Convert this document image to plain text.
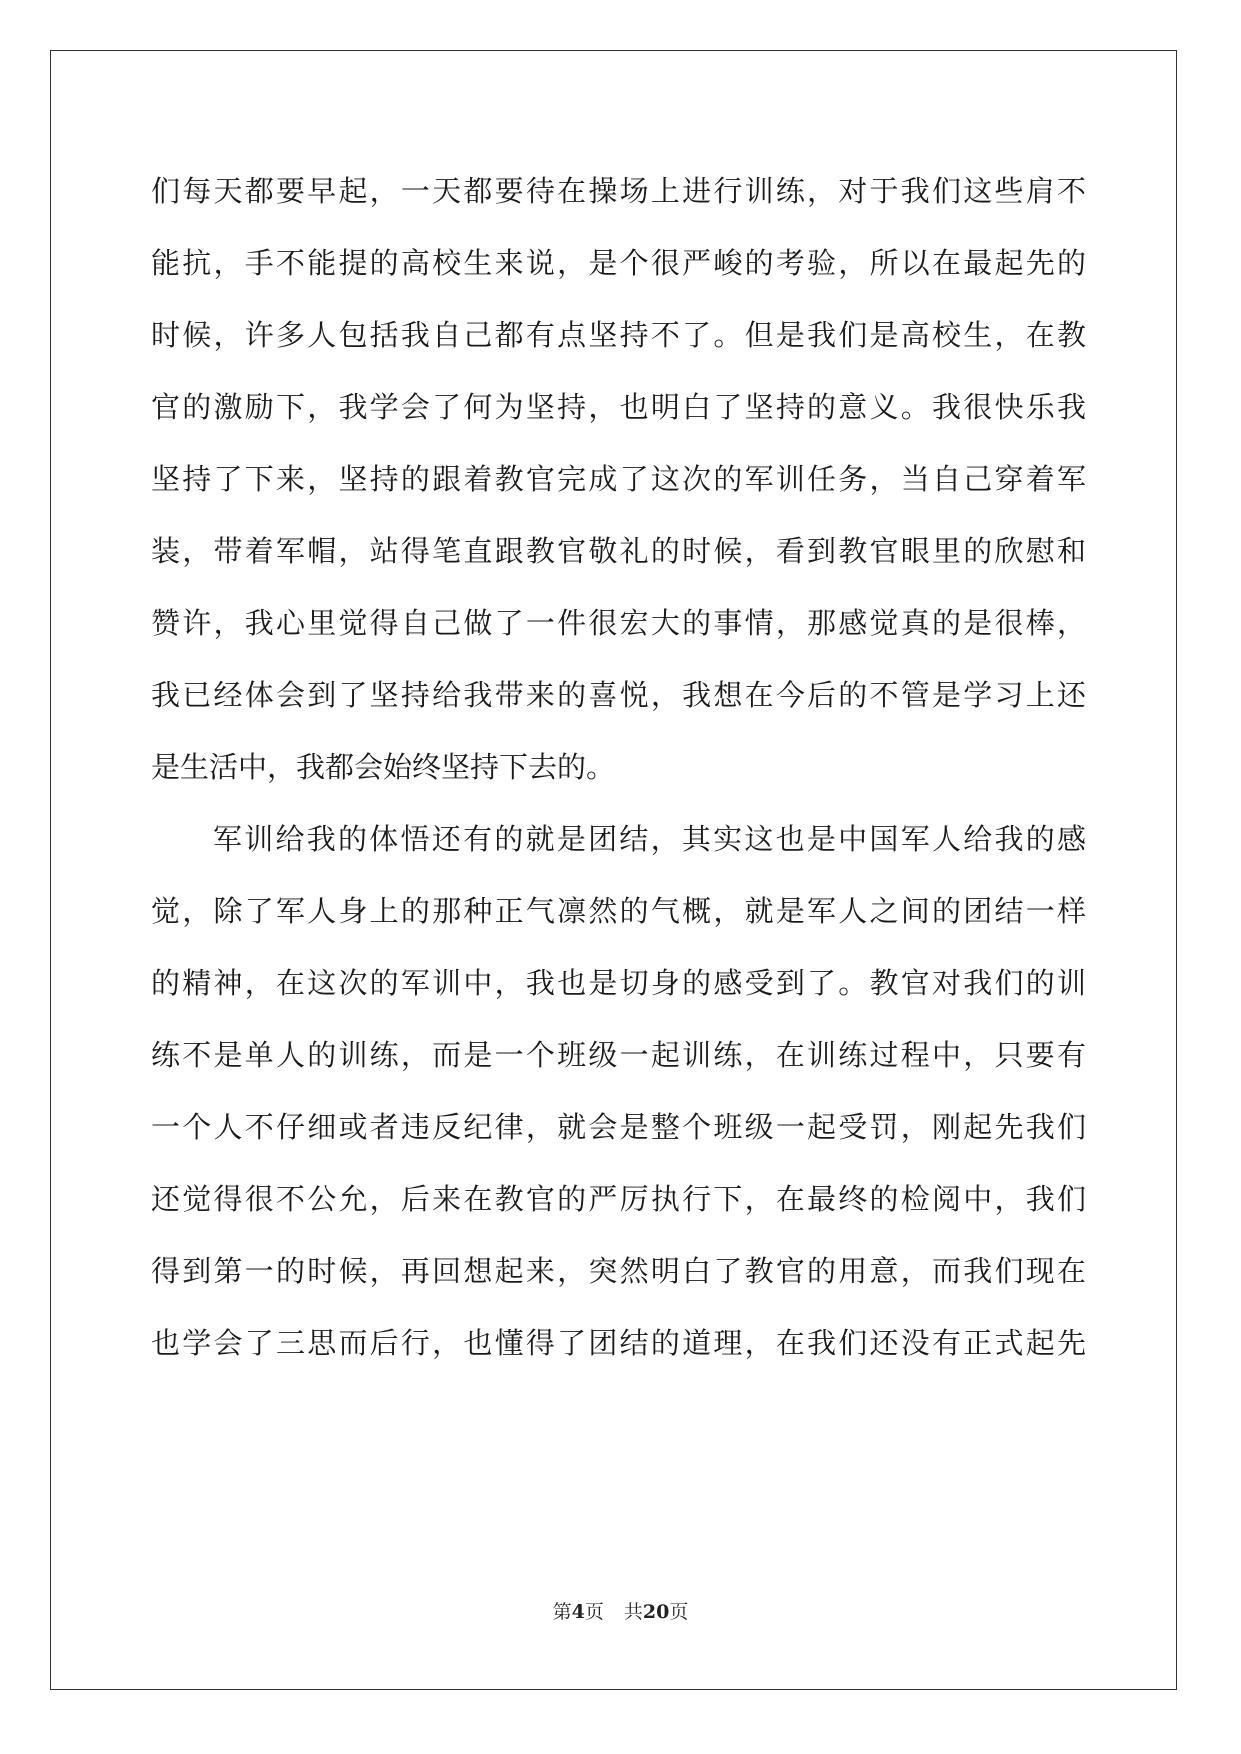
们每天都要早起，一天都要待在操场上进行训练，对于我们这些肩不

能抗，手不能提的高校生来说，是个很严峻的考验，所以在最起先的

时候，许多人包括我自己都有点坚持不了。但是我们是高校生，在教

官的激励下，我学会了何为坚持，也明白了坚持的意义。我很快乐我

坚持了下来，坚持的跟着教官完成了这次的军训任务，当自己穿着军

装，带着军帽，站得笔直跟教官敬礼的时候，看到教官眼里的欣慰和

赞许，我心里觉得自己做了一件很宏大的事情，那感觉真的是很棒，

我已经体会到了坚持给我带来的喜悦，我想在今后的不管是学习上还

是生活中，我都会始终坚持下去的。

军训给我的体悟还有的就是团结，其实这也是中国军人给我的感

觉，除了军人身上的那种正气凛然的气概，就是军人之间的团结一样

的精神，在这次的军训中，我也是切身的感受到了。教官对我们的训

练不是单人的训练，而是一个班级一起训练，在训练过程中，只要有

一个人不仔细或者违反纪律，就会是整个班级一起受罚，刚起先我们

还觉得很不公允，后来在教官的严厉执行下，在最终的检阅中，我们

得到第一的时候，再回想起来，突然明白了教官的用意，而我们现在

也学会了三思而后行，也懂得了团结的道理，在我们还没有正式起先

第4页 共20页
